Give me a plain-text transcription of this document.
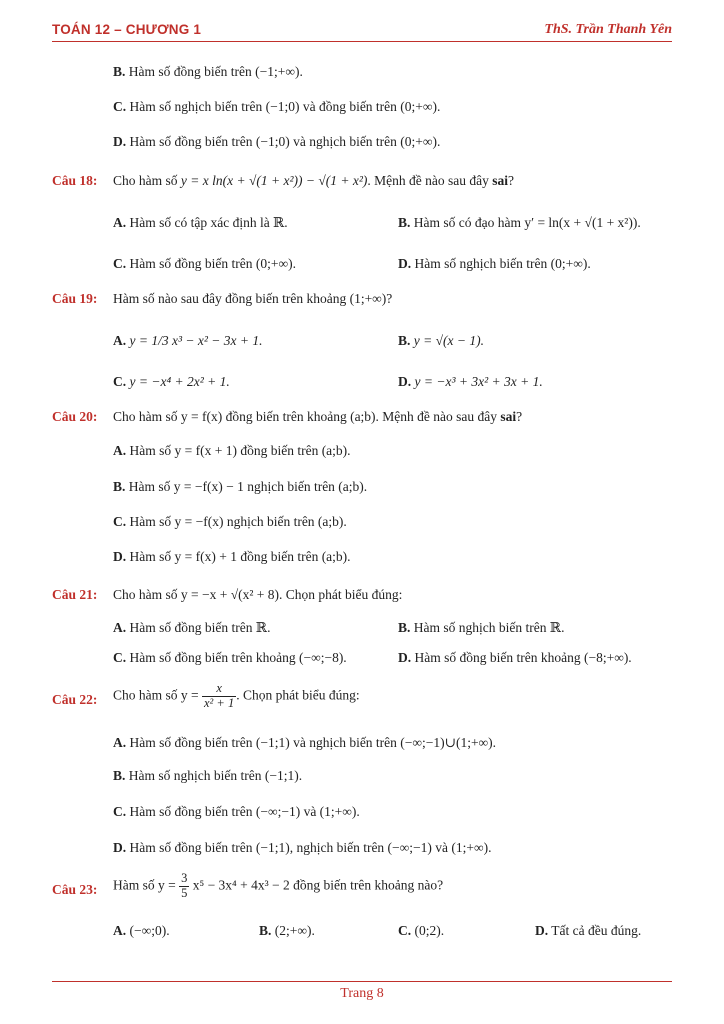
TOÁN 12 – CHƯƠNG 1	ThS. Trần Thanh Yên
B. Hàm số đồng biến trên (−1;+∞).
C. Hàm số nghịch biến trên (−1;0) và đồng biến trên (0;+∞).
D. Hàm số đồng biến trên (−1;0) và nghịch biến trên (0;+∞).
Câu 18: Cho hàm số y = x ln(x + √(1 + x²)) − √(1 + x²). Mệnh đề nào sau đây sai?
A. Hàm số có tập xác định là ℝ.	B. Hàm số có đạo hàm y′ = ln(x + √(1 + x²)).
C. Hàm số đồng biến trên (0;+∞).	D. Hàm số nghịch biến trên (0;+∞).
Câu 19: Hàm số nào sau đây đồng biến trên khoảng (1;+∞)?
A. y = 1/3 x³ − x² − 3x + 1.	B. y = √(x − 1).
C. y = −x⁴ + 2x² + 1.	D. y = −x³ + 3x² + 3x + 1.
Câu 20: Cho hàm số y = f(x) đồng biến trên khoảng (a;b). Mệnh đề nào sau đây sai?
A. Hàm số y = f(x + 1) đồng biến trên (a;b).
B. Hàm số y = −f(x) − 1 nghịch biến trên (a;b).
C. Hàm số y = −f(x) nghịch biến trên (a;b).
D. Hàm số y = f(x) + 1 đồng biến trên (a;b).
Câu 21: Cho hàm số y = −x + √(x² + 8). Chọn phát biểu đúng:
A. Hàm số đồng biến trên ℝ.	B. Hàm số nghịch biến trên ℝ.
C. Hàm số đồng biến trên khoảng (−∞;−8).	D. Hàm số đồng biến trên khoảng (−8;+∞).
Câu 22: Cho hàm số $y = \frac{x}{\text{x² + 1}}$ . Chọn phát biểu đúng:
A. Hàm số đồng biến trên (−1;1) và nghịch biến trên (−∞;−1)∪(1;+∞).
B. Hàm số nghịch biến trên (−1;1).
C. Hàm số đồng biến trên (−∞;−1) và (1;+∞).
D. Hàm số đồng biến trên (−1;1), nghịch biến trên (−∞;−1) và (1;+∞).
Câu 23: Hàm số $y = \frac{3}{5} x^5 - 3x^4 + 4x^3 - 2$ đồng biến trên khoảng nào?
A. (−∞;0).	B. (2;+∞).	C. (0;2).	D. Tất cả đều đúng.
Trang 8
